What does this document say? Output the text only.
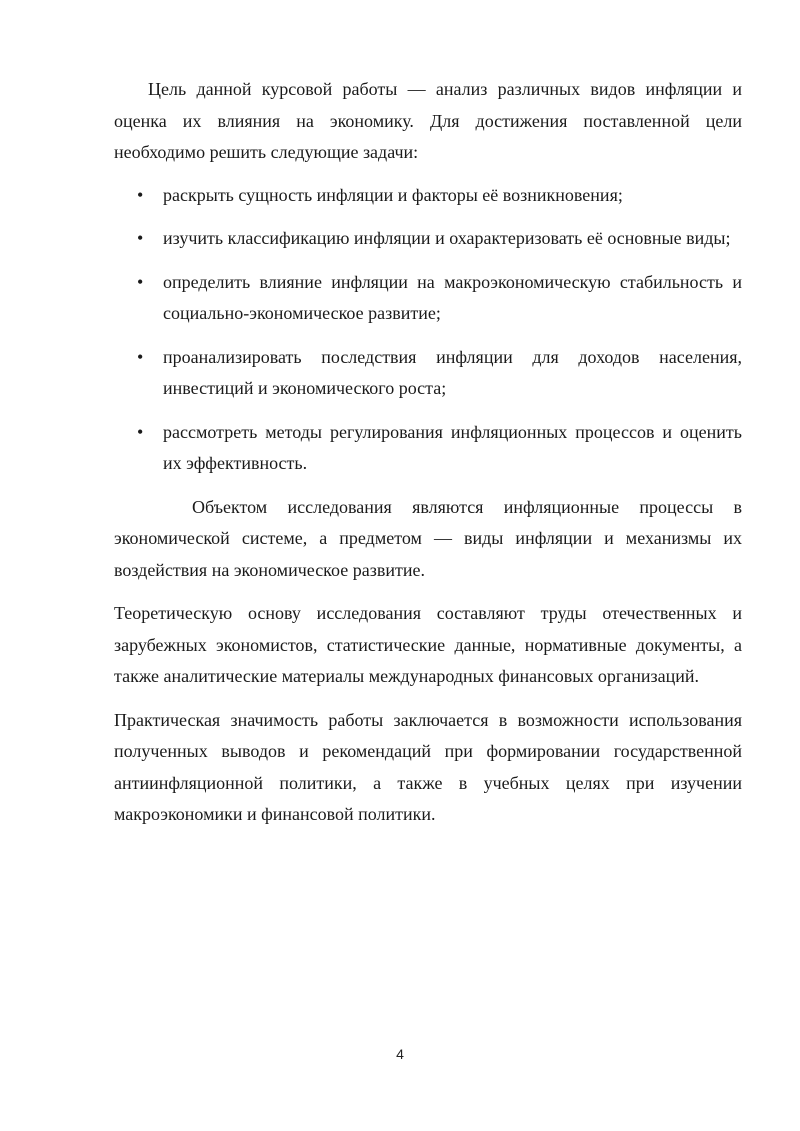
Цель данной курсовой работы — анализ различных видов инфляции и оценка их влияния на экономику. Для достижения поставленной цели необходимо решить следующие задачи:

• раскрыть сущность инфляции и факторы её возникновения;
• изучить классификацию инфляции и охарактеризовать её основные виды;
• определить влияние инфляции на макроэкономическую стабильность и социально-экономическое развитие;
• проанализировать последствия инфляции для доходов населения, инвестиций и экономического роста;
• рассмотреть методы регулирования инфляционных процессов и оценить их эффективность.

Объектом исследования являются инфляционные процессы в экономической системе, а предметом — виды инфляции и механизмы их воздействия на экономическое развитие.

Теоретическую основу исследования составляют труды отечественных и зарубежных экономистов, статистические данные, нормативные документы, а также аналитические материалы международных финансовых организаций.

Практическая значимость работы заключается в возможности использования полученных выводов и рекомендаций при формировании государственной антиинфляционной политики, а также в учебных целях при изучении макроэкономики и финансовой политики.

4
